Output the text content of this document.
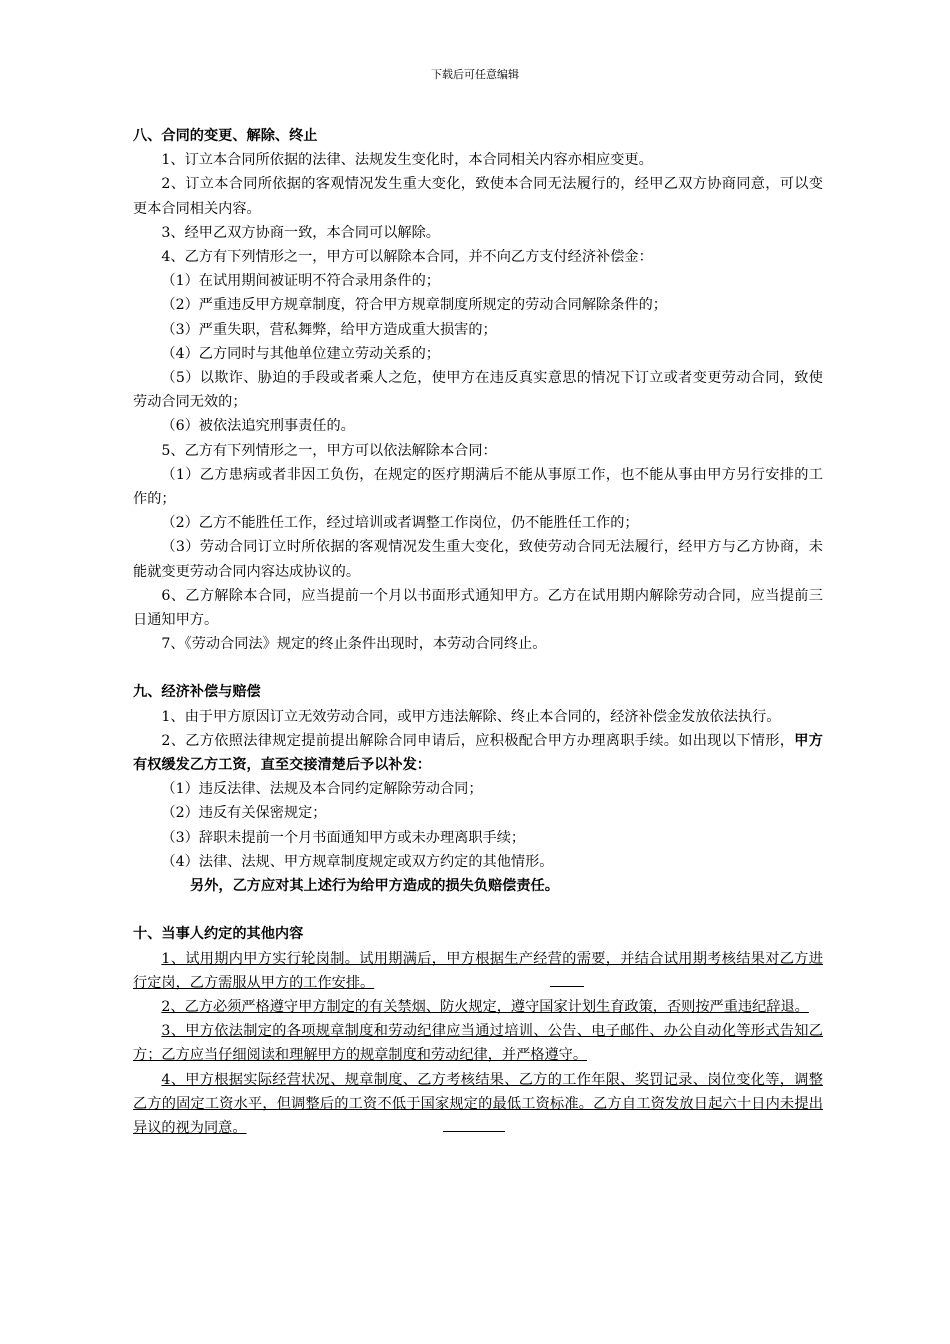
下载后可任意编辑
八、合同的变更、解除、终止
1、订立本合同所依据的法律、法规发生变化时，本合同相关内容亦相应变更。
2、订立本合同所依据的客观情况发生重大变化，致使本合同无法履行的，经甲乙双方协商同意，可以变更本合同相关内容。
3、经甲乙双方协商一致，本合同可以解除。
4、乙方有下列情形之一，甲方可以解除本合同，并不向乙方支付经济补偿金：
（1）在试用期间被证明不符合录用条件的；
（2）严重违反甲方规章制度，符合甲方规章制度所规定的劳动合同解除条件的；
（3）严重失职，营私舞弊，给甲方造成重大损害的；
（4）乙方同时与其他单位建立劳动关系的；
（5）以欺诈、胁迫的手段或者乘人之危，使甲方在违反真实意思的情况下订立或者变更劳动合同，致使劳动合同无效的；
（6）被依法追究刑事责任的。
5、乙方有下列情形之一，甲方可以依法解除本合同：
（1）乙方患病或者非因工负伤，在规定的医疗期满后不能从事原工作，也不能从事由甲方另行安排的工作的；
（2）乙方不能胜任工作，经过培训或者调整工作岗位，仍不能胜任工作的；
（3）劳动合同订立时所依据的客观情况发生重大变化，致使劳动合同无法履行，经甲方与乙方协商，未能就变更劳动合同内容达成协议的。
6、乙方解除本合同，应当提前一个月以书面形式通知甲方。乙方在试用期内解除劳动合同，应当提前三日通知甲方。
7、《劳动合同法》规定的终止条件出现时，本劳动合同终止。
九、经济补偿与赔偿
1、由于甲方原因订立无效劳动合同，或甲方违法解除、终止本合同的，经济补偿金发放依法执行。
2、乙方依照法律规定提前提出解除合同申请后，应积极配合甲方办理离职手续。如出现以下情形，甲方有权缓发乙方工资，直至交接清楚后予以补发：
（1）违反法律、法规及本合同约定解除劳动合同；
（2）违反有关保密规定；
（3）辞职未提前一个月书面通知甲方或未办理离职手续；
（4）法律、法规、甲方规章制度规定或双方约定的其他情形。
另外，乙方应对其上述行为给甲方造成的损失负赔偿责任。
十、当事人约定的其他内容
1、试用期内甲方实行轮岗制。试用期满后，甲方根据生产经营的需要，并结合试用期考核结果对乙方进行定岗，乙方需服从甲方的工作安排。
2、乙方必须严格遵守甲方制定的有关禁烟、防火规定，遵守国家计划生育政策，否则按严重违纪辞退。
3、甲方依法制定的各项规章制度和劳动纪律应当通过培训、公告、电子邮件、办公自动化等形式告知乙方；乙方应当仔细阅读和理解甲方的规章制度和劳动纪律，并严格遵守。
4、甲方根据实际经营状况、规章制度、乙方考核结果、乙方的工作年限、奖罚记录、岗位变化等，调整乙方的固定工资水平，但调整后的工资不低于国家规定的最低工资标准。乙方自工资发放日起六十日内未提出异议的视为同意。
